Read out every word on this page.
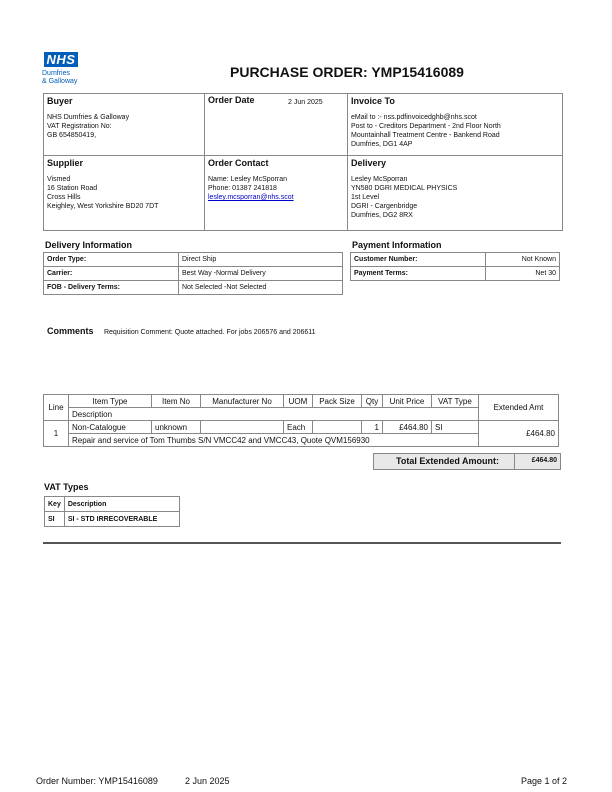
NHS
Dumfries
& Galloway
PURCHASE ORDER: YMP15416089
Buyer
NHS Dumfries & Galloway
VAT Registration No:
GB 654850419,
Order Date	2 Jun 2025	Invoice To
eMail to :- nss.pdfinvoicedghb@nhs.scot
Post to - Creditors Department - 2nd Floor North
Mountainhall Treatment Centre - Bankend Road
Dumfries, DG1 4AP
Supplier
Vismed
16 Station Road
Cross Hills
Keighley, West Yorkshire BD20 7DT
Order Contact
Name: Lesley McSporran
Phone: 01387 241818
lesley.mcsporran@nhs.scot
Delivery
Lesley McSporran
YN580 DGRI MEDICAL PHYSICS
1st Level
DGRI - Cargenbridge
Dumfries, DG2 8RX
Delivery Information
Order Type:	Direct Ship
Carrier:	Best Way -Normal Delivery
FOB - Delivery Terms:	Not Selected -Not Selected
Payment Information
Customer Number:	Not Known
Payment Terms:	Net 30
Comments Requisition Comment: Quote attached. For jobs 206576 and 206611
Line	Item Type	Item No	Manufacturer No	UOM	Pack Size	Qty	Unit Price	VAT Type	Extended Amt
	Description								
1	Non-Catalogue	unknown		Each		1	£464.80	SI	£464.80
	Repair and service of Tom Thumbs S/N VMCC42 and VMCC43, Quote QVM156930								
Total Extended Amount:	£464.80
VAT Types
Key	Description
SI	SI - STD IRRECOVERABLE
Order Number: YMP15416089	2 Jun 2025	Page 1 of 2
